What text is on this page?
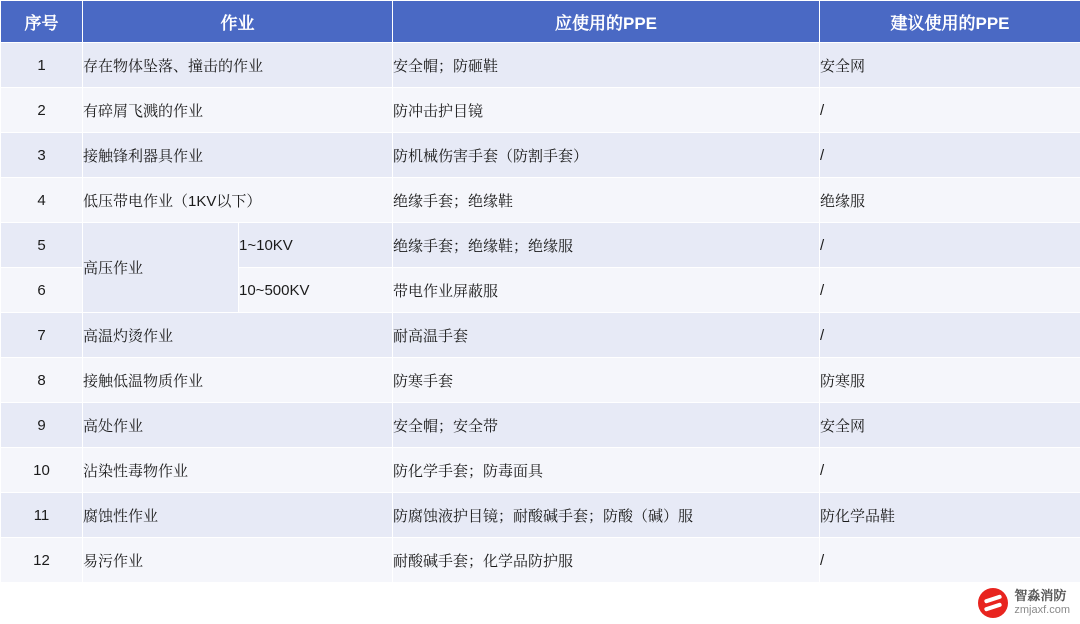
序号	作业		应使用的PPE	建议使用的PPE
1	存在物体坠落、撞击的作业		安全帽；防砸鞋	安全网
2	有碎屑飞溅的作业		防冲击护目镜	/
3	接触锋利器具作业		防机械伤害手套（防割手套）	/
4	低压带电作业（1KV以下）		绝缘手套；绝缘鞋	绝缘服
5	高压作业	1~10KV	绝缘手套；绝缘鞋；绝缘服	/
6		10~500KV	带电作业屏蔽服	/
7	高温灼烫作业		耐高温手套	/
8	接触低温物质作业		防寒手套	防寒服
9	高处作业		安全帽；安全带	安全网
10	沾染性毒物作业		防化学手套；防毒面具	/
11	腐蚀性作业		防腐蚀液护目镜；耐酸碱手套；防酸（碱）服	防化学品鞋
12	易污作业		耐酸碱手套；化学品防护服	/
智淼消防
zmjaxf.com
